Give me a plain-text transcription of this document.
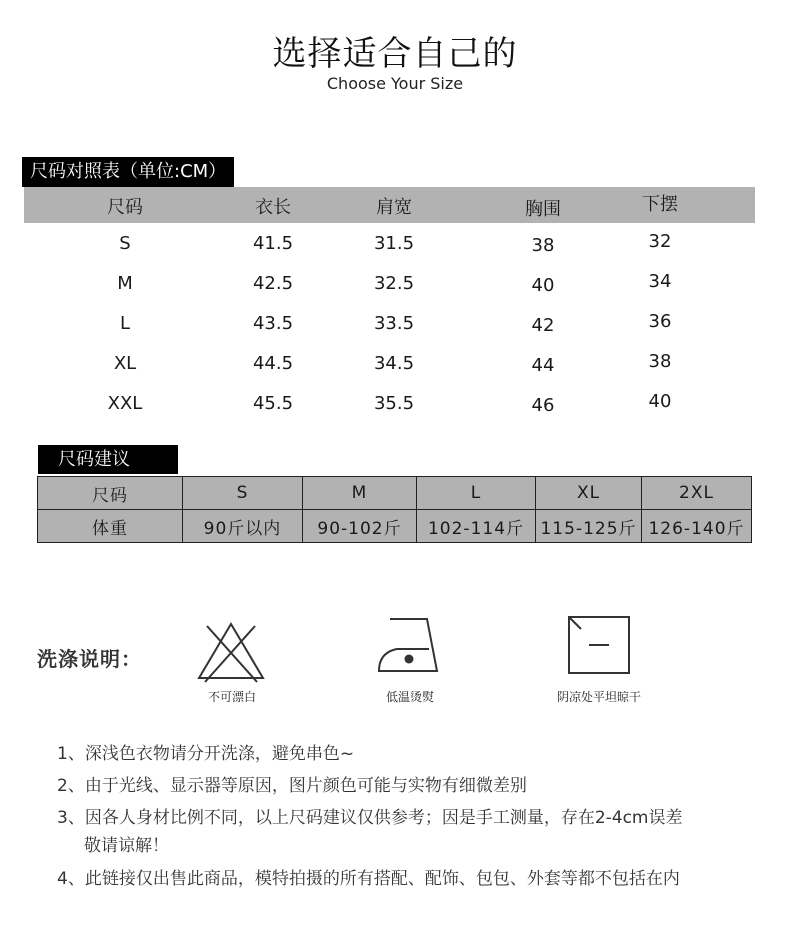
选择适合自己的
Choose Your Size
尺码对照表（单位:CM）
尺码	衣长	肩宽	胸围	下摆
S	41.5	31.5	38	32
M	42.5	32.5	40	34
L	43.5	33.5	42	36
XL	44.5	34.5	44	38
XXL	45.5	35.5	46	40
尺码建议
尺码	S	M	L	XL	2XL
体重	90斤以内	90-102斤	102-114斤	115-125斤	126-140斤
洗涤说明：
不可漂白	低温烫熨	阴凉处平坦晾干
1、深浅色衣物请分开洗涤，避免串色~
2、由于光线、显示器等原因，图片颜色可能与实物有细微差别
3、因各人身材比例不同，以上尺码建议仅供参考；因是手工测量，存在2-4cm误差
敬请谅解！
4、此链接仅出售此商品，模特拍摄的所有搭配、配饰、包包、外套等都不包括在内
